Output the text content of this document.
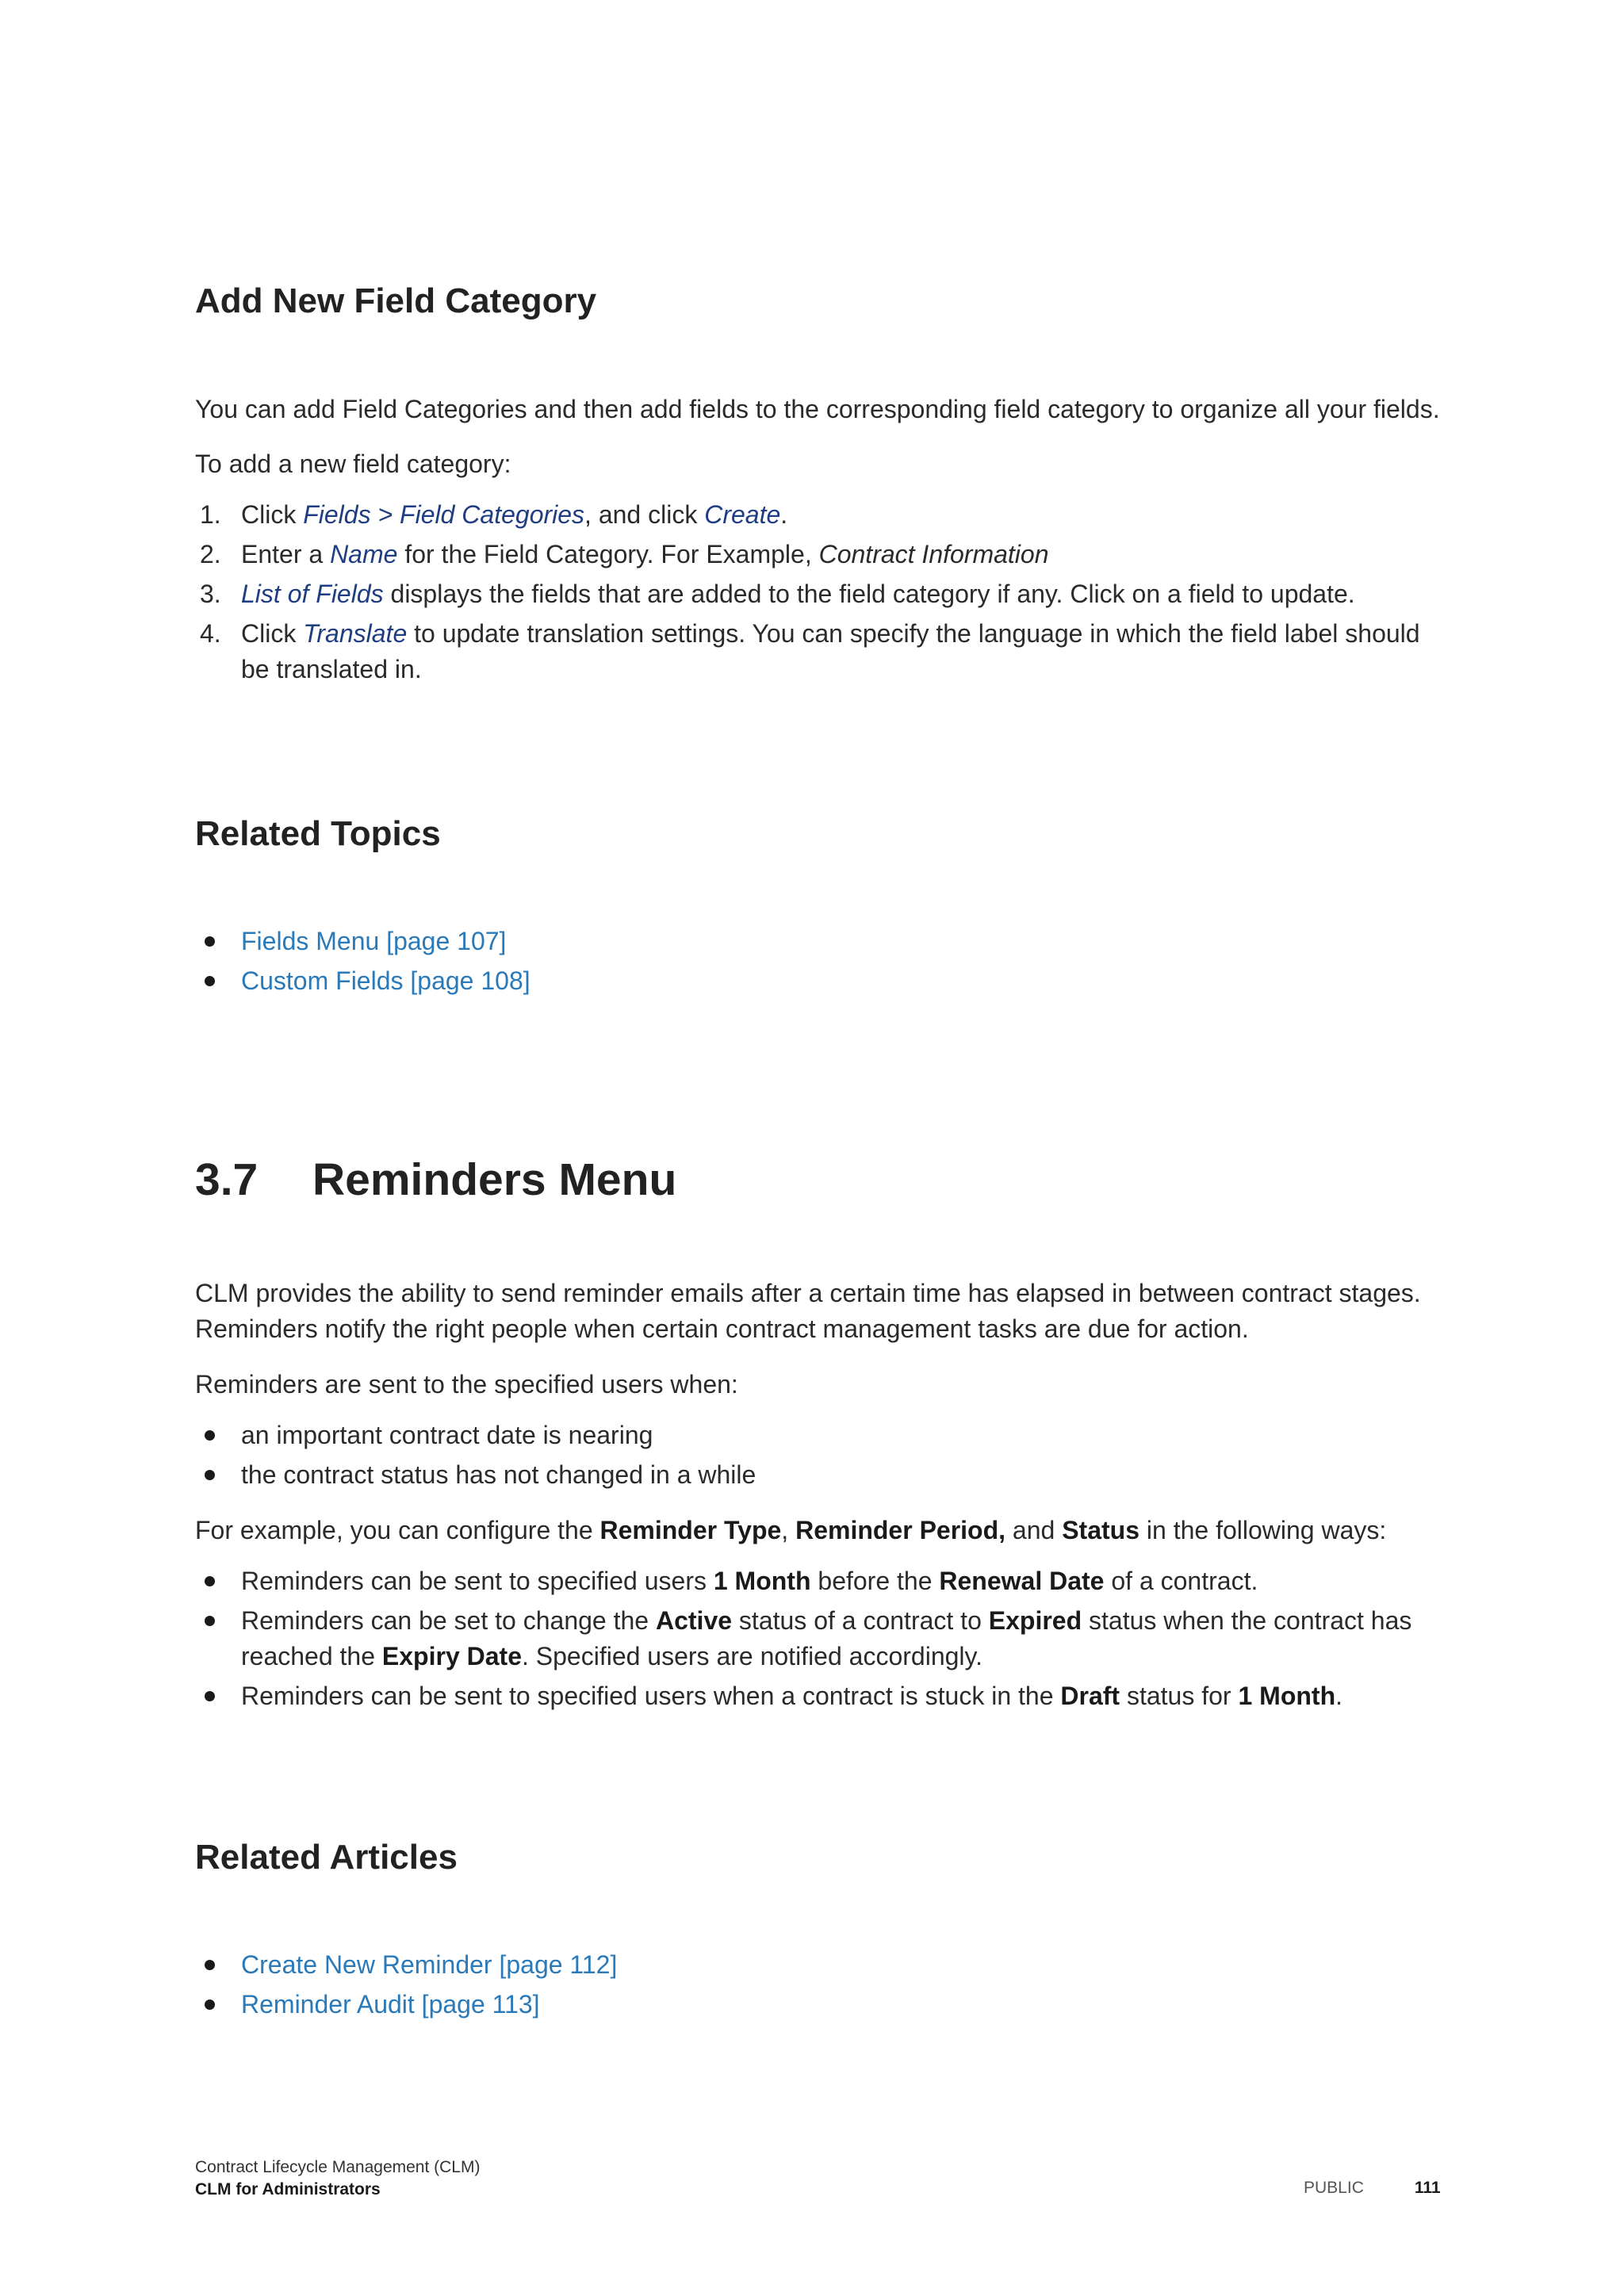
Add New Field Category

You can add Field Categories and then add fields to the corresponding field category to organize all your fields.

To add a new field category:

1. Click Fields > Field Categories, and click Create.
2. Enter a Name for the Field Category. For Example, Contract Information
3. List of Fields displays the fields that are added to the field category if any. Click on a field to update.
4. Click Translate to update translation settings. You can specify the language in which the field label should be translated in.
Related Topics
Fields Menu [page 107]
Custom Fields [page 108]
3.7 Reminders Menu

CLM provides the ability to send reminder emails after a certain time has elapsed in between contract stages. Reminders notify the right people when certain contract management tasks are due for action.

Reminders are sent to the specified users when:

an important contract date is nearing
the contract status has not changed in a while

For example, you can configure the Reminder Type, Reminder Period, and Status in the following ways:

Reminders can be sent to specified users 1 Month before the Renewal Date of a contract.
Reminders can be set to change the Active status of a contract to Expired status when the contract has reached the Expiry Date. Specified users are notified accordingly.
Reminders can be sent to specified users when a contract is stuck in the Draft status for 1 Month.
Related Articles
Create New Reminder [page 112]
Reminder Audit [page 113]
Contract Lifecycle Management (CLM)
CLM for Administrators	PUBLIC	111
